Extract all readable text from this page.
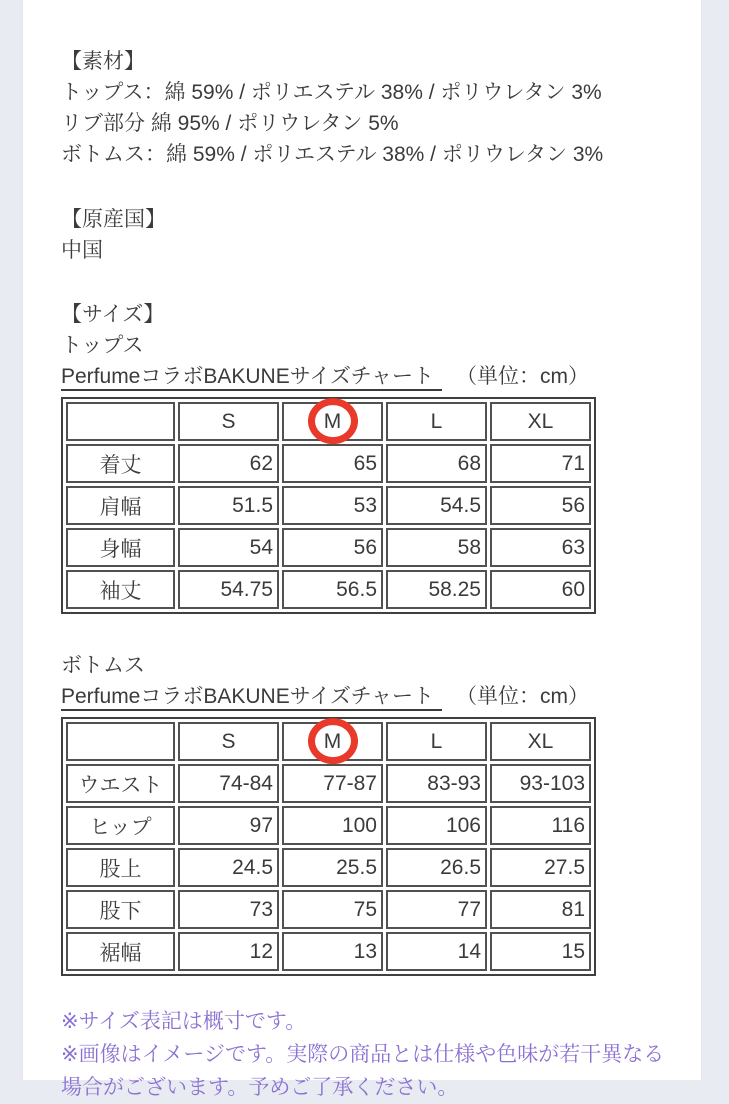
【素材】
トップス：綿 59% / ポリエステル 38% / ポリウレタン 3%
リブ部分 綿 95% / ポリウレタン 5%
ボトムス：綿 59% / ポリエステル 38% / ポリウレタン 3%
【原産国】
中国
【サイズ】
トップス
PerfumeコラボBAKUNEサイズチャート （単位：cm）
	S	M	L	XL
着丈	62	65	68	71
肩幅	51.5	53	54.5	56
身幅	54	56	58	63
袖丈	54.75	56.5	58.25	60
ボトムス
PerfumeコラボBAKUNEサイズチャート （単位：cm）
	S	M	L	XL
ウエスト	74-84	77-87	83-93	93-103
ヒップ	97	100	106	116
股上	24.5	25.5	26.5	27.5
股下	73	75	77	81
裾幅	12	13	14	15
※サイズ表記は概寸です。
※画像はイメージです。実際の商品とは仕様や色味が若干異なる
場合がございます。予めご了承ください。
